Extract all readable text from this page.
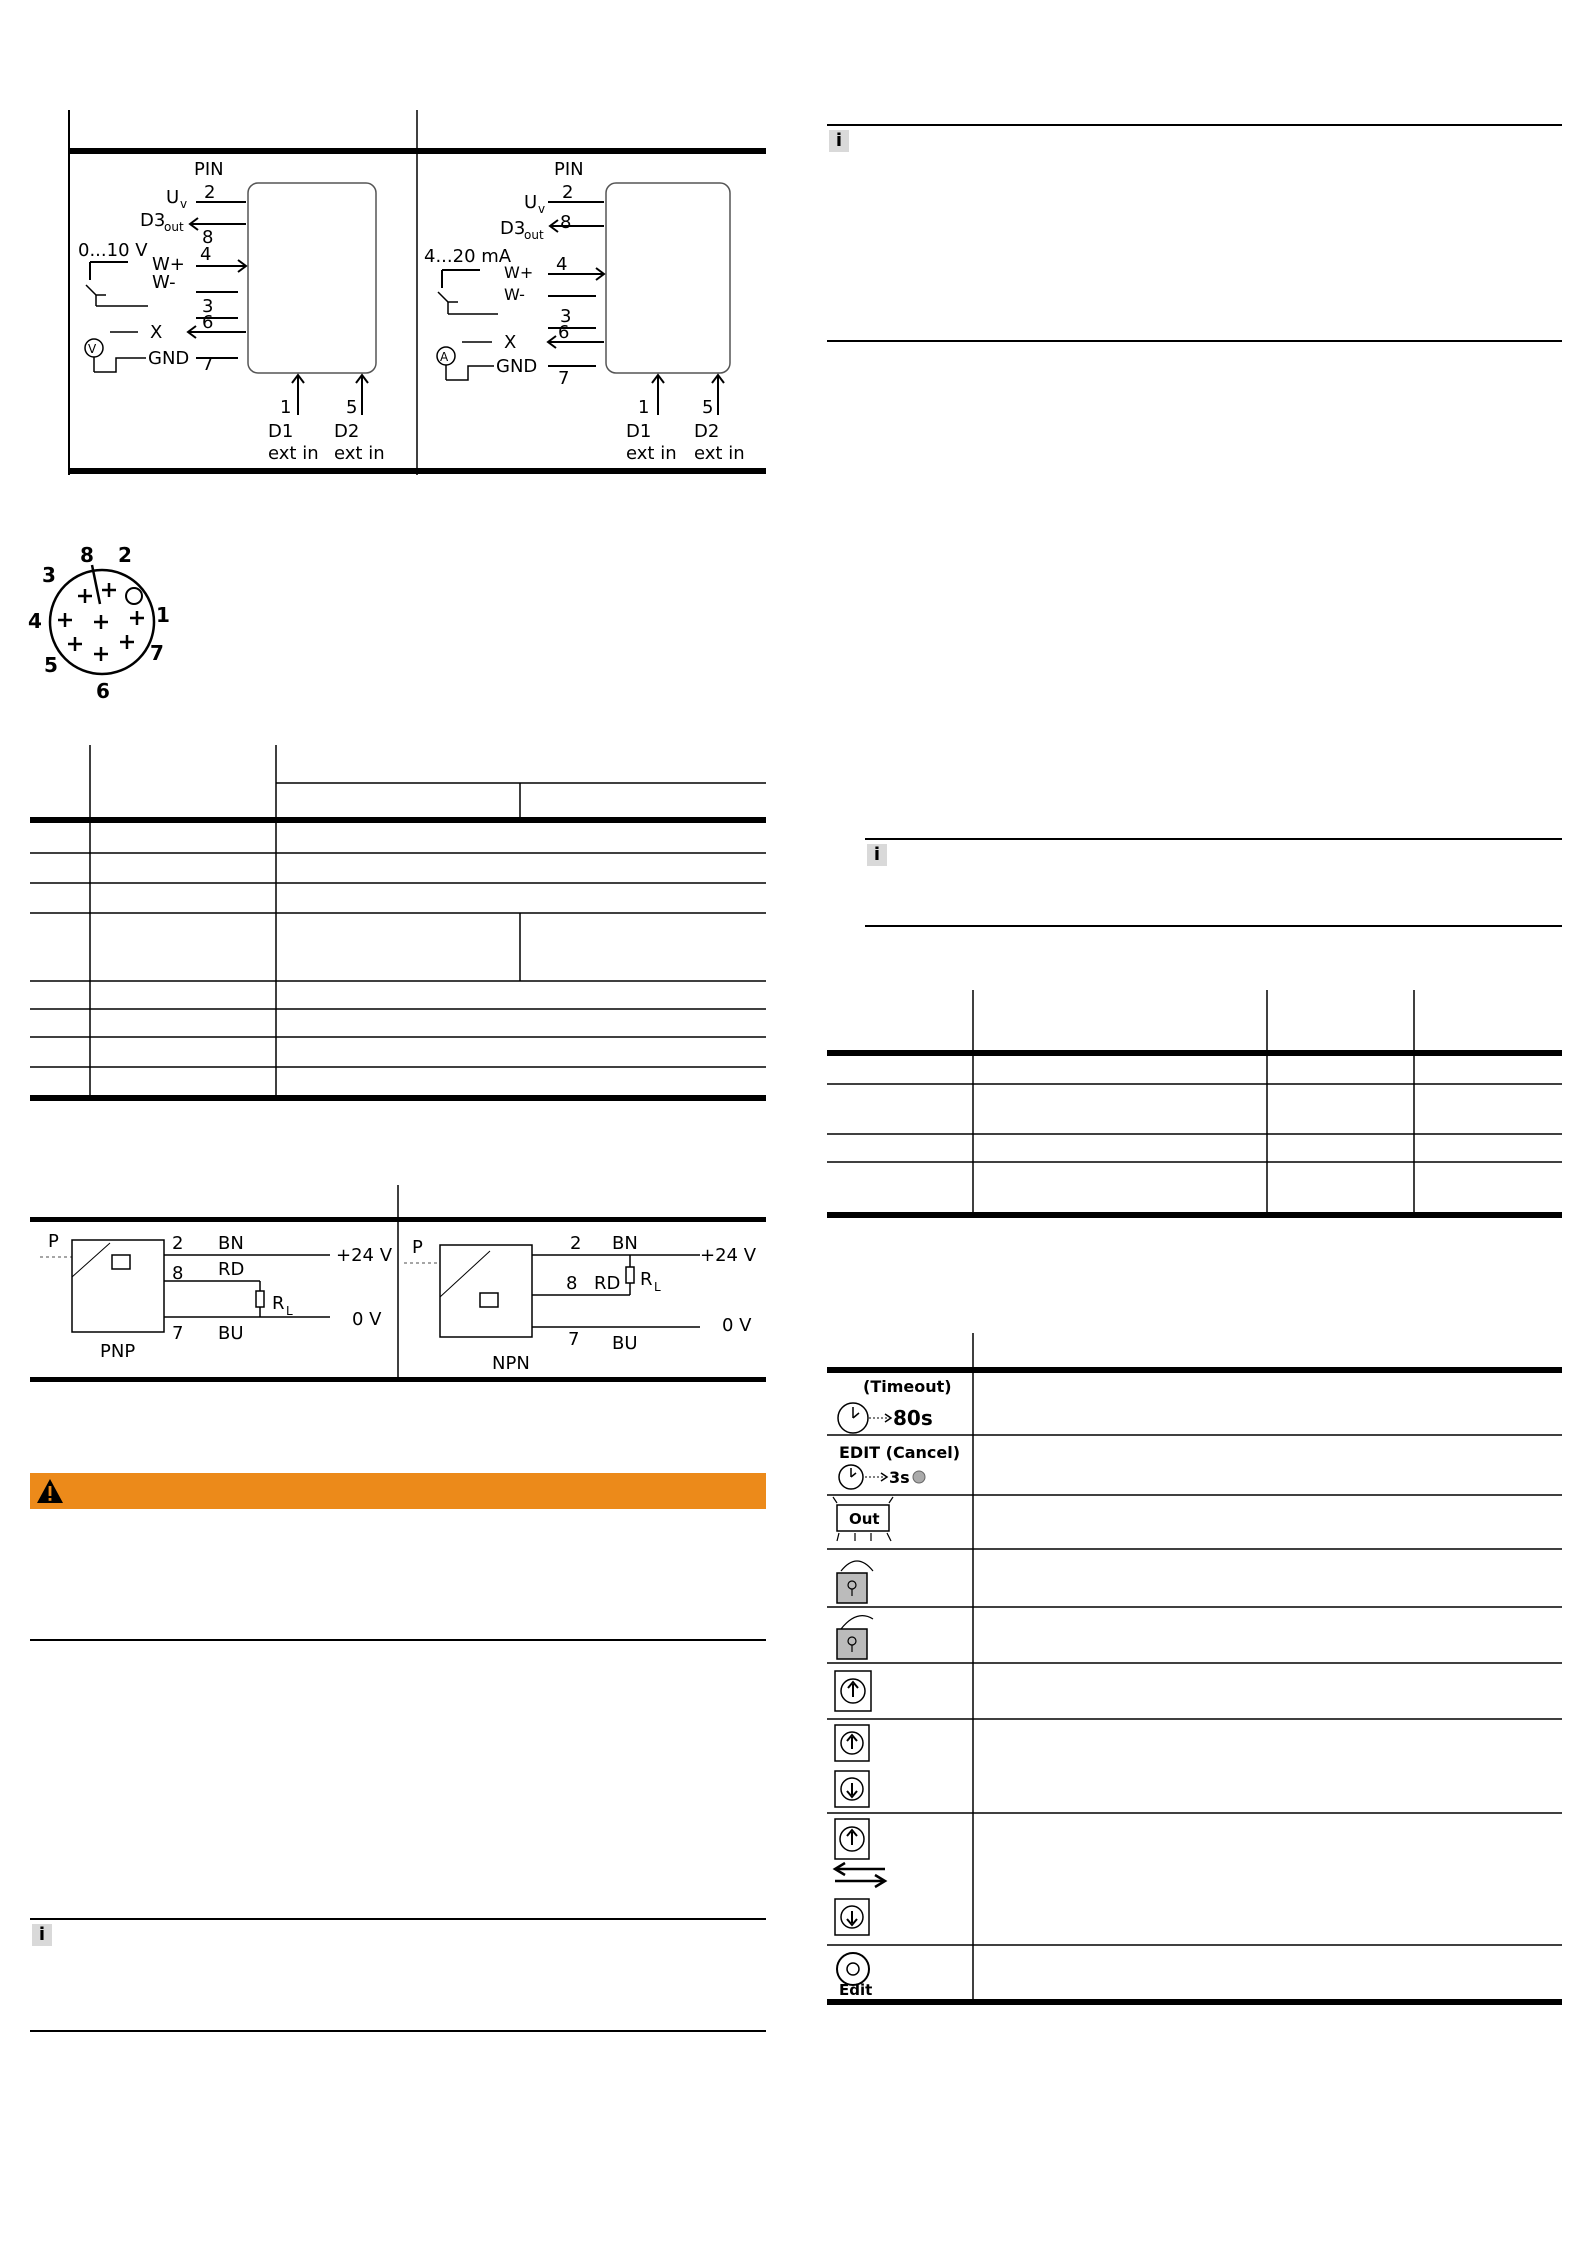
PIN
U v
2
D3
out 8
0...10 V
W+ 4
W-
3
X 6
V	GND 7
1	5
D1 D2
ext in ext in
PIN
U v
2
D3
out
8
4...20 mA
W+ 4
W-
3
X 6
A	GND
7
1	5
D1 D2
ext in ext in
8 2
3
1
4
7
5
6
P	2 BN
8 RD
R L
7 BU
+24 V
0 V
PNP
P	2 BN
8 RD R L
7 BU
+24 V
0 V
NPN
i
i
i
(Timeout)
80s
EDIT (Cancel)
3s
Out
Edit
